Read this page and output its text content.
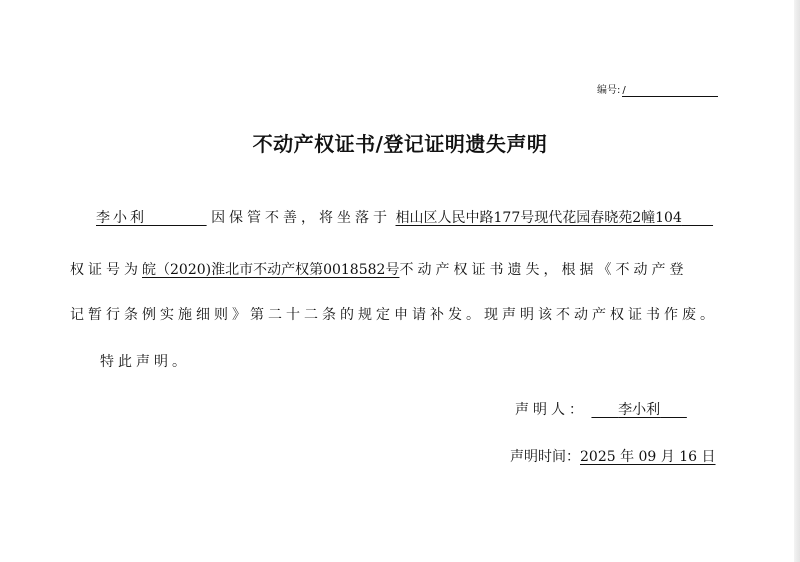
编号: /
不动产权证书/登记证明遗失声明
李小利	因保管不善，将坐落于 相山区人民中路177号现代花园春晓苑2幢104
权证号为皖（2020)淮北市不动产权第0018582号不动产权证书遗失，根据《不动产登
记暂行条例实施细则》第二十二条的规定申请补发。现声明该不动产权证书作废。
特此声明。
声明人： 李小利
声明时间：2025 年 09 月 16 日
